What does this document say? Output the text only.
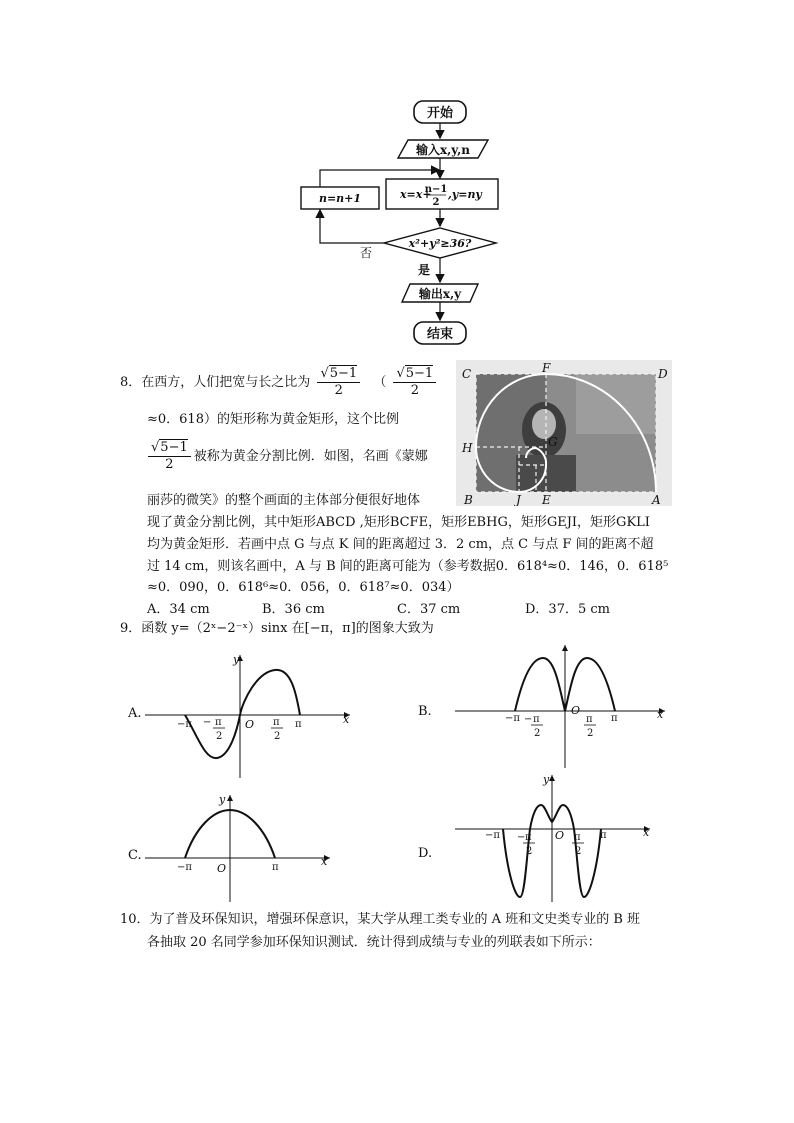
开始
输入x,y,n
x=x+
n−1
2
,y=ny
n=n+1
x²+y²≥36?
否
是
输出x,y
结束
8．在西方，人们把宽与长之比为 $\frac{√5-1}{2}$ （ $\frac{√5-1}{2}$
≈0．618）的矩形称为黄金矩形，这个比例
$\frac{√5-1}{2}$ 被称为黄金分割比例．如图，名画《蒙娜
丽莎的微笑》的整个画面的主体部分便很好地体
现了黄金分割比例，其中矩形ABCD ,矩形BCFE，矩形EBHG，矩形GEJI，矩形GKLI
均为黄金矩形．若画中点 G 与点 K 间的距离超过 3．2 cm，点 C 与点 F 间的距离不超
过 14 cm，则该名画中，A 与 B 间的距离可能为（参考数据0．618⁴≈0．146，0．618⁵
≈0．090，0．618⁶≈0．056，0．618⁷≈0．034）
A．34 cm	B．36 cm	C．37 cm	D．37．5 cm
C	F	D
H	G
B	J E	A
9．函数 y=（2ˣ−2⁻ˣ）sinx 在[−π，π]的图象大致为
A.
y
x
O
−π	π
− π
2
π
2
B.	O	x
−π	π
− π
2
π
2
C.
y
x
O
−π	π
D.
y
x
O
−π	π
− π
2
π
2
10．为了普及环保知识，增强环保意识，某大学从理工类专业的 A 班和文史类专业的 B 班
各抽取 20 名同学参加环保知识测试．统计得到成绩与专业的列联表如下所示：
